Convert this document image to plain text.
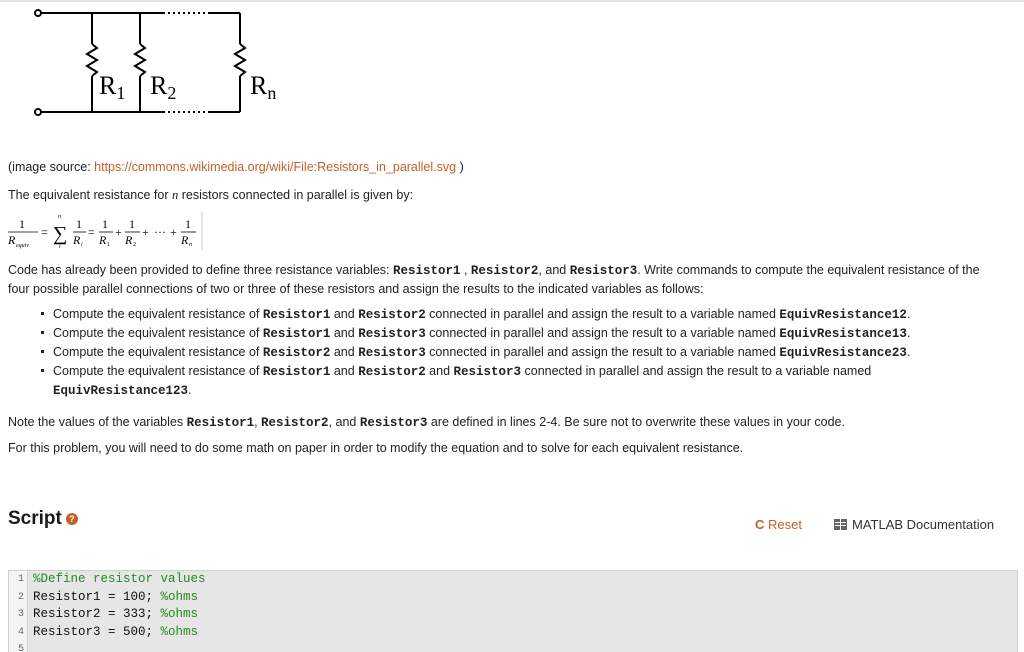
R1 R2	Rn
(image source: https://commons.wikimedia.org/wiki/File:Resistors_in_parallel.svg )
The equivalent resistance for n resistors connected in parallel is given by:
1
R equiv
=
n
∑
i
1
R i
=
1
R 1
+
1
R 2
+ ··· +
1
R n
Code has already been provided to define three resistance variables: Resistor1 , Resistor2, and Resistor3. Write commands to compute the equivalent resistance of the
four possible parallel connections of two or three of these resistors and assign the results to the indicated variables as follows:
Compute the equivalent resistance of Resistor1 and Resistor2 connected in parallel and assign the result to a variable named EquivResistance12.
Compute the equivalent resistance of Resistor1 and Resistor3 connected in parallel and assign the result to a variable named EquivResistance13.
Compute the equivalent resistance of Resistor2 and Resistor3 connected in parallel and assign the result to a variable named EquivResistance23.
Compute the equivalent resistance of Resistor1 and Resistor2 and Resistor3 connected in parallel and assign the result to a variable named
EquivResistance123.
Note the values of the variables Resistor1, Resistor2, and Resistor3 are defined in lines 2-4. Be sure not to overwrite these values in your code.
For this problem, you will need to do some math on paper in order to modify the equation and to solve for each equivalent resistance.
Script ?	C Reset	MATLAB Documentation
1 %Define resistor values
2 Resistor1 = 100; %ohms
3 Resistor2 = 333; %ohms
4 Resistor3 = 500; %ohms
5
